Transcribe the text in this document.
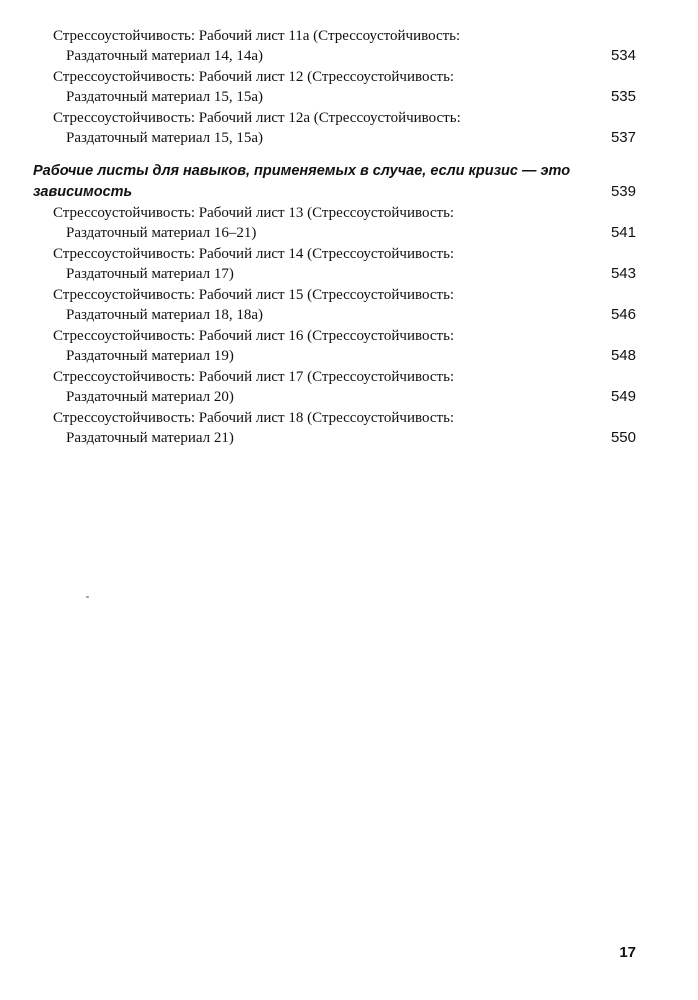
Стрессоустойчивость: Рабочий лист 11а (Стрессоустойчивость:
Раздаточный материал 14, 14а)	534
Стрессоустойчивость: Рабочий лист 12 (Стрессоустойчивость:
Раздаточный материал 15, 15а)	535
Стрессоустойчивость: Рабочий лист 12а (Стрессоустойчивость:
Раздаточный материал 15, 15а)	537
Рабочие листы для навыков, применяемых в случае, если кризис — это
зависимость	539
Стрессоустойчивость: Рабочий лист 13 (Стрессоустойчивость:
Раздаточный материал 16–21)	541
Стрессоустойчивость: Рабочий лист 14 (Стрессоустойчивость:
Раздаточный материал 17)	543
Стрессоустойчивость: Рабочий лист 15 (Стрессоустойчивость:
Раздаточный материал 18, 18а)	546
Стрессоустойчивость: Рабочий лист 16 (Стрессоустойчивость:
Раздаточный материал 19)	548
Стрессоустойчивость: Рабочий лист 17 (Стрессоустойчивость:
Раздаточный материал 20)	549
Стрессоустойчивость: Рабочий лист 18 (Стрессоустойчивость:
Раздаточный материал 21)	550
17
